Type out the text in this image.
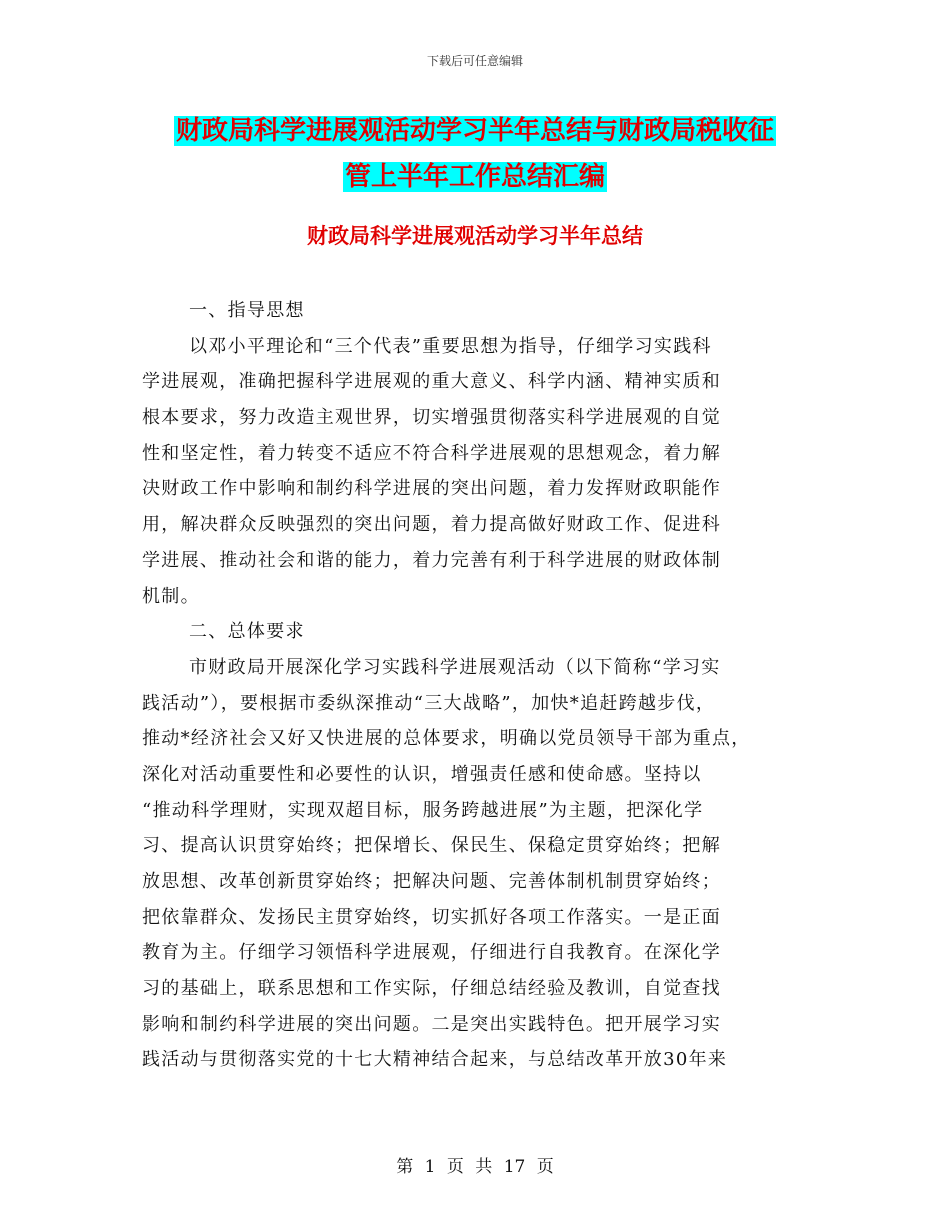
下载后可任意编辑
财政局科学进展观活动学习半年总结与财政局税收征
管上半年工作总结汇编
财政局科学进展观活动学习半年总结
一、指导思想
以邓小平理论和“三个代表”重要思想为指导，仔细学习实践科
学进展观，准确把握科学进展观的重大意义、科学内涵、精神实质和
根本要求，努力改造主观世界，切实增强贯彻落实科学进展观的自觉
性和坚定性，着力转变不适应不符合科学进展观的思想观念，着力解
决财政工作中影响和制约科学进展的突出问题，着力发挥财政职能作
用，解决群众反映强烈的突出问题，着力提高做好财政工作、促进科
学进展、推动社会和谐的能力，着力完善有利于科学进展的财政体制
机制。
二、总体要求
市财政局开展深化学习实践科学进展观活动（以下简称“学习实
践活动”），要根据市委纵深推动“三大战略”，加快*追赶跨越步伐，
推动*经济社会又好又快进展的总体要求，明确以党员领导干部为重点，
深化对活动重要性和必要性的认识，增强责任感和使命感。坚持以
“推动科学理财，实现双超目标，服务跨越进展”为主题，把深化学
习、提高认识贯穿始终；把保增长、保民生、保稳定贯穿始终；把解
放思想、改革创新贯穿始终；把解决问题、完善体制机制贯穿始终；
把依靠群众、发扬民主贯穿始终，切实抓好各项工作落实。一是正面
教育为主。仔细学习领悟科学进展观，仔细进行自我教育。在深化学
习的基础上，联系思想和工作实际，仔细总结经验及教训，自觉查找
影响和制约科学进展的突出问题。二是突出实践特色。把开展学习实
践活动与贯彻落实党的十七大精神结合起来，与总结改革开放30年来
第 1 页 共 17 页
